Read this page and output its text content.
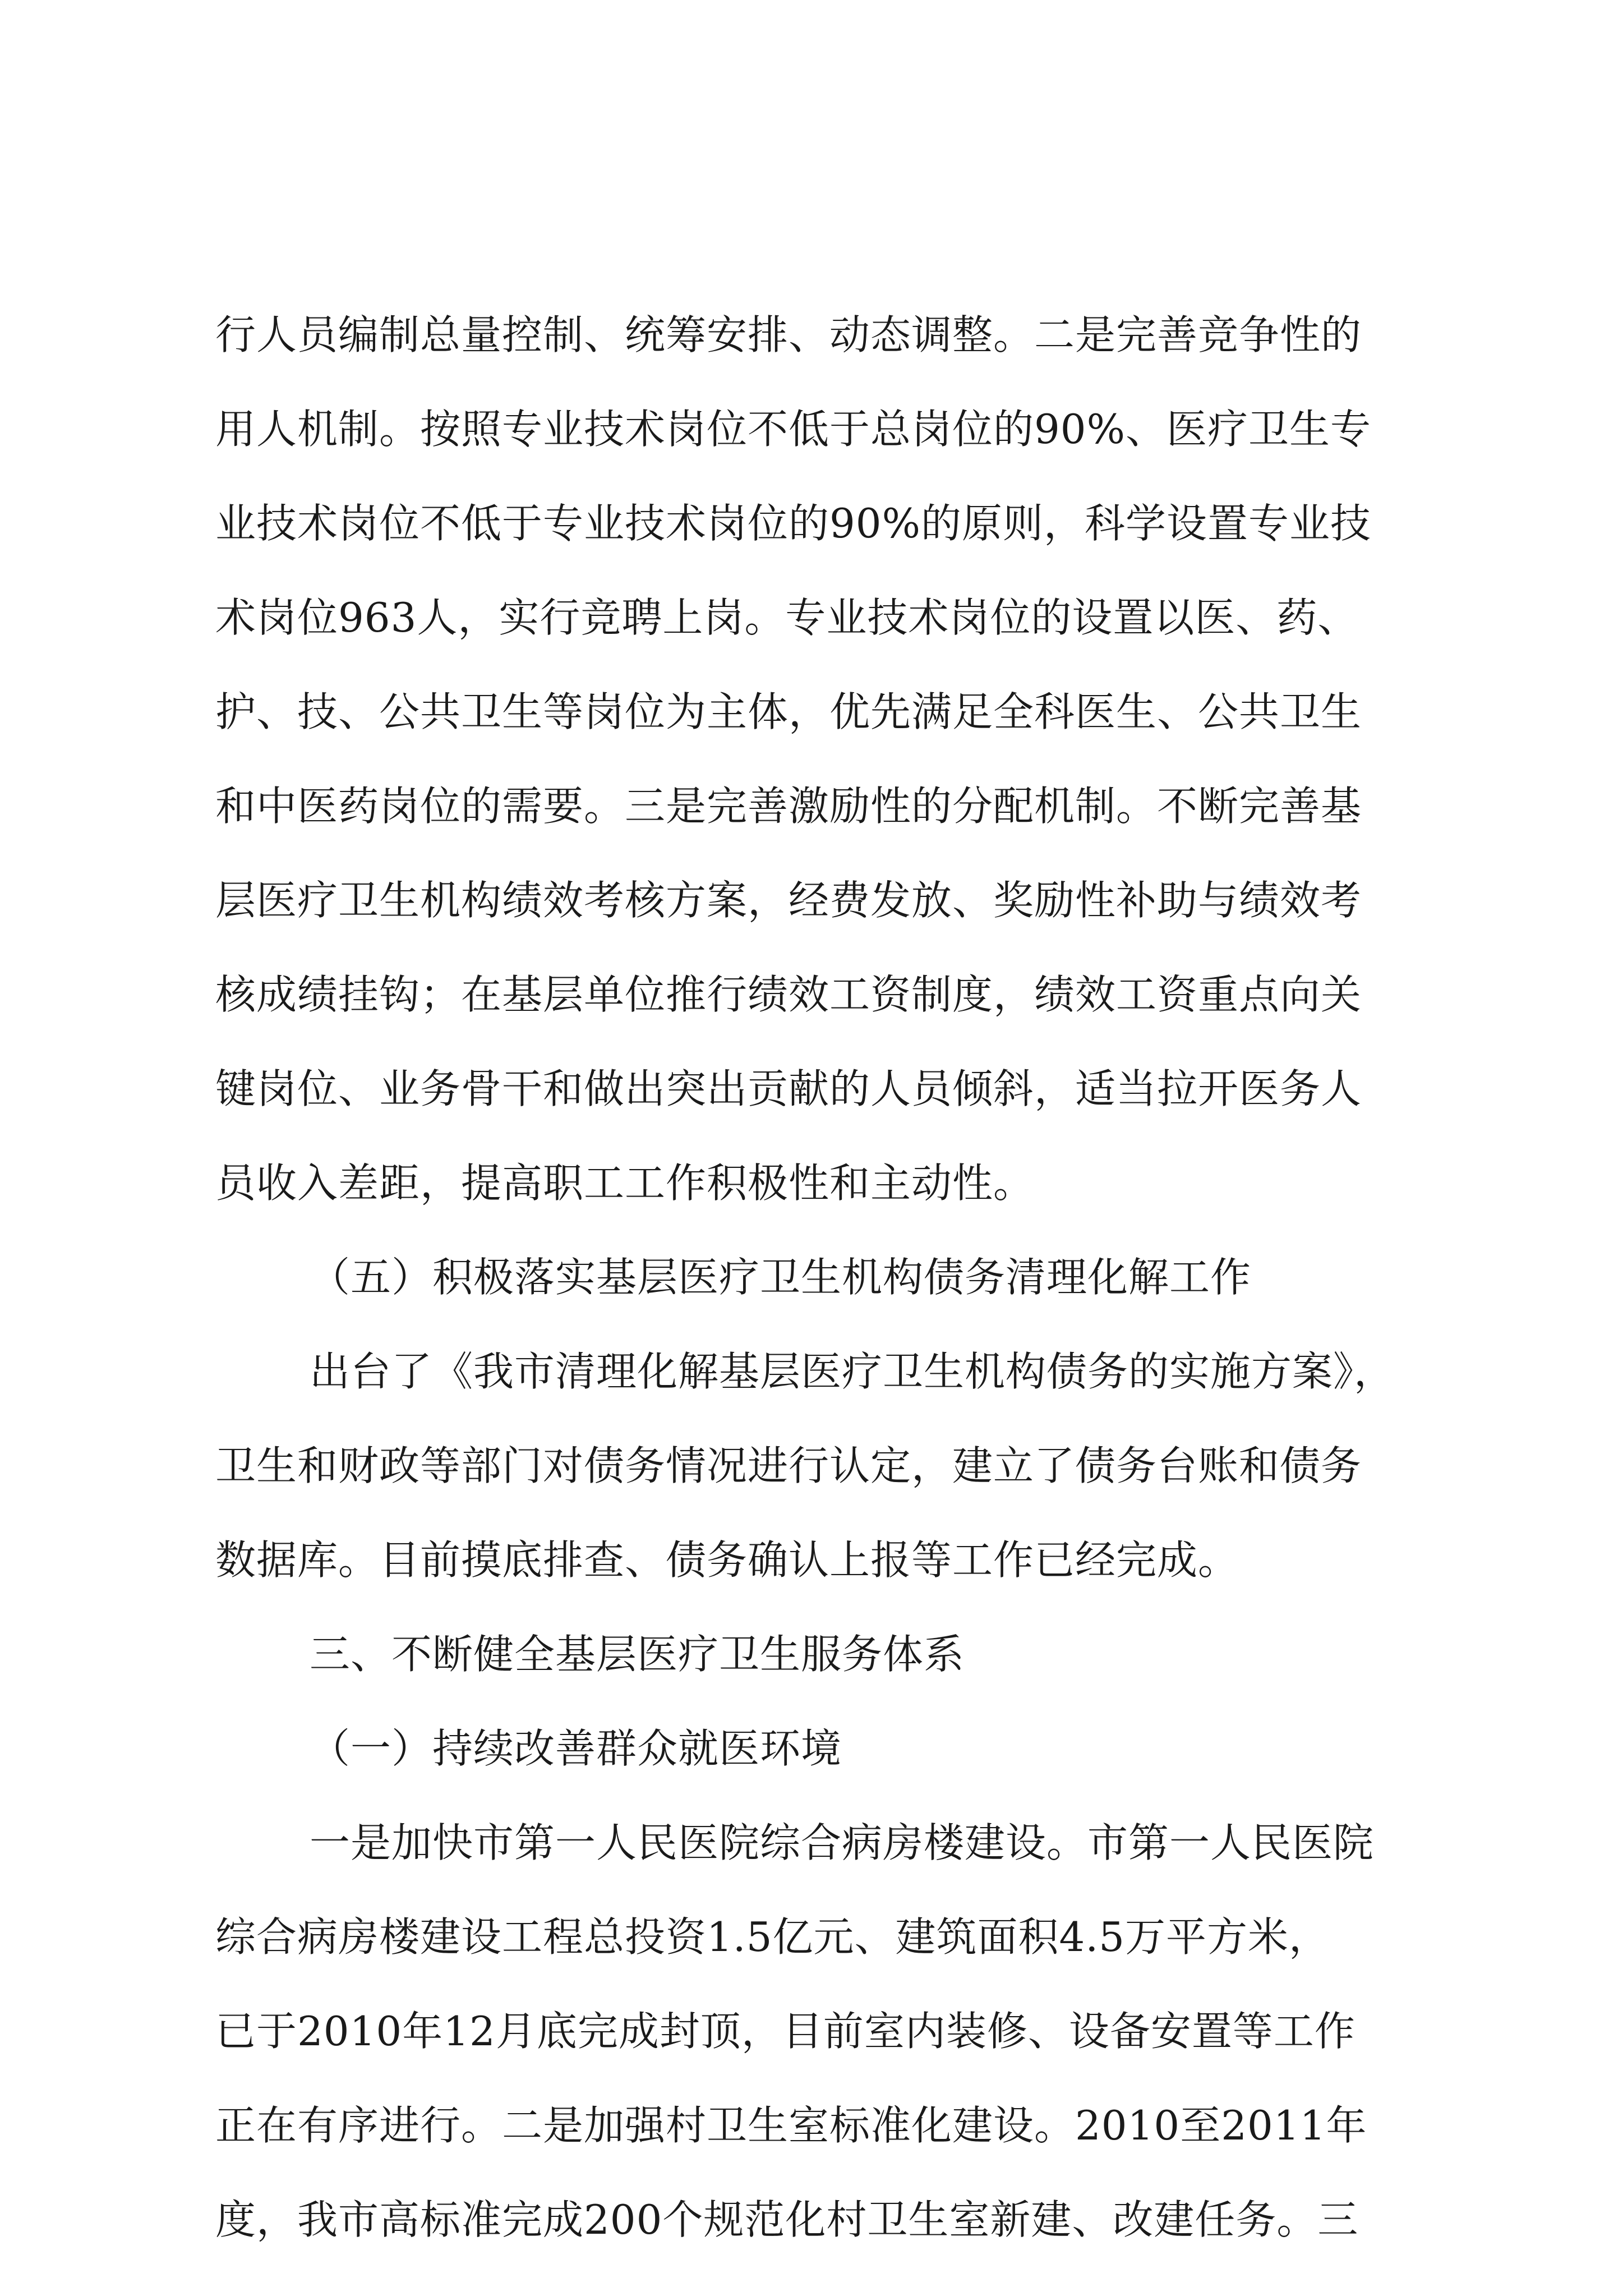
行人员编制总量控制、统筹安排、动态调整。二是完善竞争性的
用人机制。按照专业技术岗位不低于总岗位的90%、医疗卫生专
业技术岗位不低于专业技术岗位的90%的原则，科学设置专业技
术岗位963人，实行竞聘上岗。专业技术岗位的设置以医、药、
护、技、公共卫生等岗位为主体，优先满足全科医生、公共卫生
和中医药岗位的需要。三是完善激励性的分配机制。不断完善基
层医疗卫生机构绩效考核方案，经费发放、奖励性补助与绩效考
核成绩挂钩；在基层单位推行绩效工资制度，绩效工资重点向关
键岗位、业务骨干和做出突出贡献的人员倾斜，适当拉开医务人
员收入差距，提高职工工作积极性和主动性。
（五）积极落实基层医疗卫生机构债务清理化解工作
出台了《我市清理化解基层医疗卫生机构债务的实施方案》，
卫生和财政等部门对债务情况进行认定，建立了债务台账和债务
数据库。目前摸底排查、债务确认上报等工作已经完成。
三、不断健全基层医疗卫生服务体系
（一）持续改善群众就医环境
一是加快市第一人民医院综合病房楼建设。市第一人民医院
综合病房楼建设工程总投资1.5亿元、建筑面积4.5万平方米，
已于2010年12月底完成封顶，目前室内装修、设备安置等工作
正在有序进行。二是加强村卫生室标准化建设。2010至2011年
度，我市高标准完成200个规范化村卫生室新建、改建任务。三
